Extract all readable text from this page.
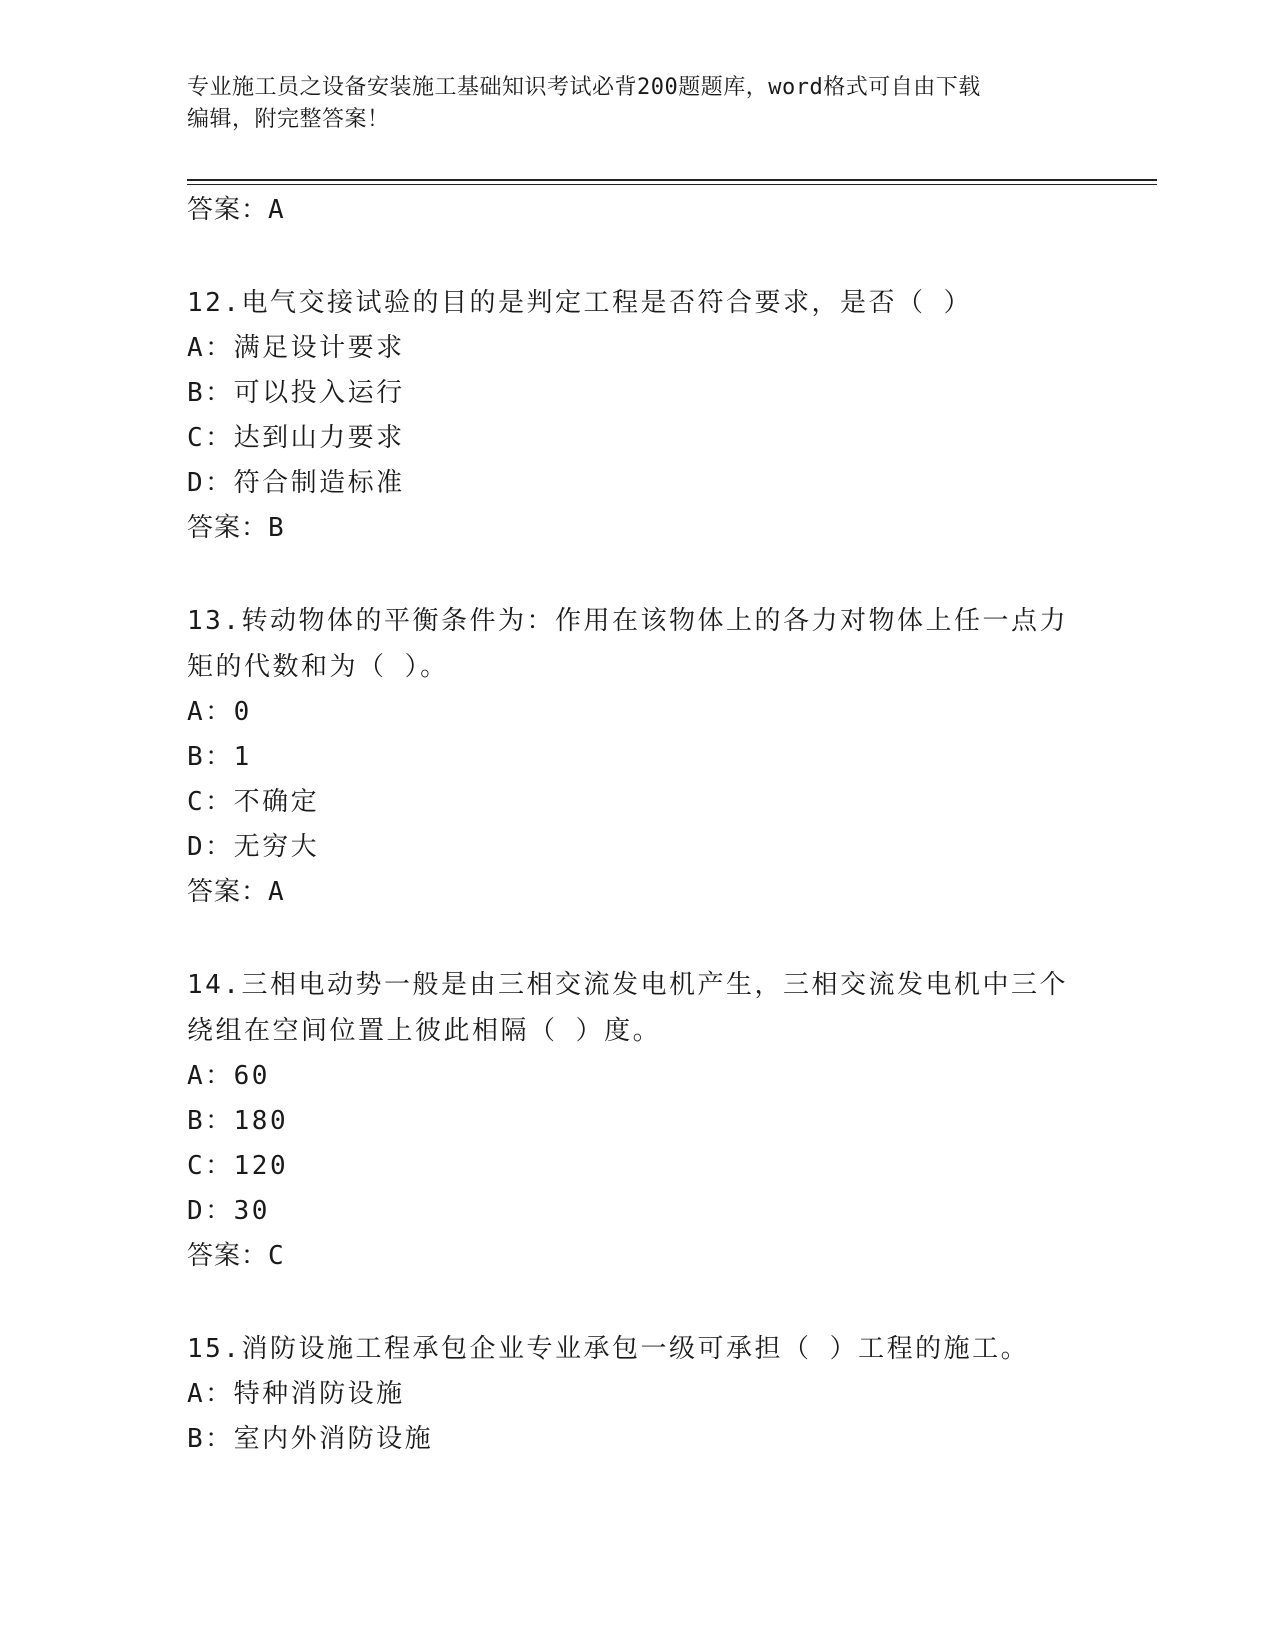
专业施工员之设备安装施工基础知识考试必背200题题库，word格式可自由下载
编辑，附完整答案！
答案：A
12.电气交接试验的目的是判定工程是否符合要求，是否（ ）
A：满足设计要求
B：可以投入运行
C：达到山力要求
D：符合制造标准
答案：B
13.转动物体的平衡条件为：作用在该物体上的各力对物体上任一点力
矩的代数和为（ ）。
A：0
B：1
C：不确定
D：无穷大
答案：A
14.三相电动势一般是由三相交流发电机产生，三相交流发电机中三个
绕组在空间位置上彼此相隔（ ）度。
A：60
B：180
C：120
D：30
答案：C
15.消防设施工程承包企业专业承包一级可承担（ ）工程的施工。
A：特种消防设施
B：室内外消防设施
